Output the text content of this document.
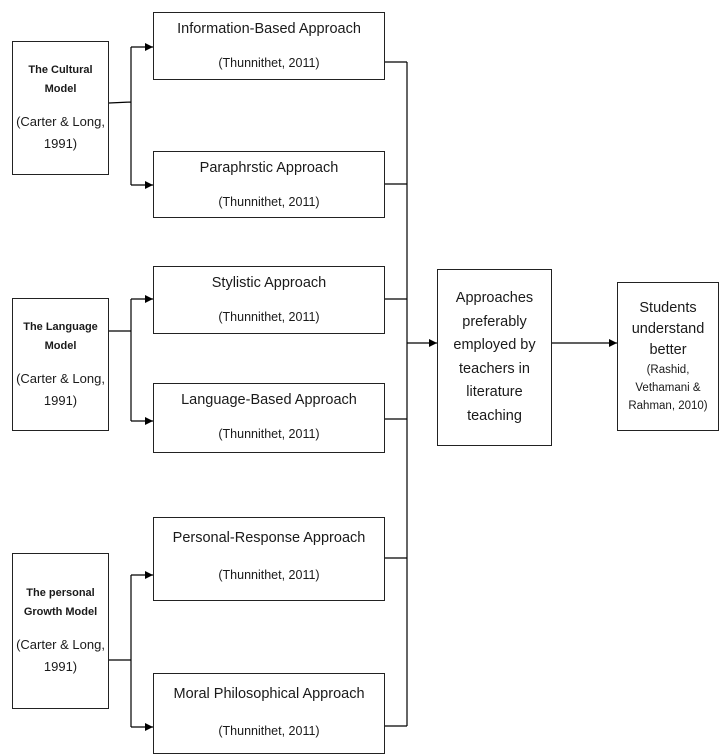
The Cultural Model
(Carter & Long, 1991)
The Language Model
(Carter & Long, 1991)
The personal Growth Model
(Carter & Long, 1991)
Information-Based Approach
(Thunnithet, 2011)
Paraphrstic Approach
(Thunnithet, 2011)
Stylistic Approach
(Thunnithet, 2011)
Language-Based Approach
(Thunnithet, 2011)
Personal-Response Approach
(Thunnithet, 2011)
Moral Philosophical Approach
(Thunnithet, 2011)
Approaches preferably employed by teachers in literature teaching
Students understand better
(Rashid, Vethamani & Rahman, 2010)
